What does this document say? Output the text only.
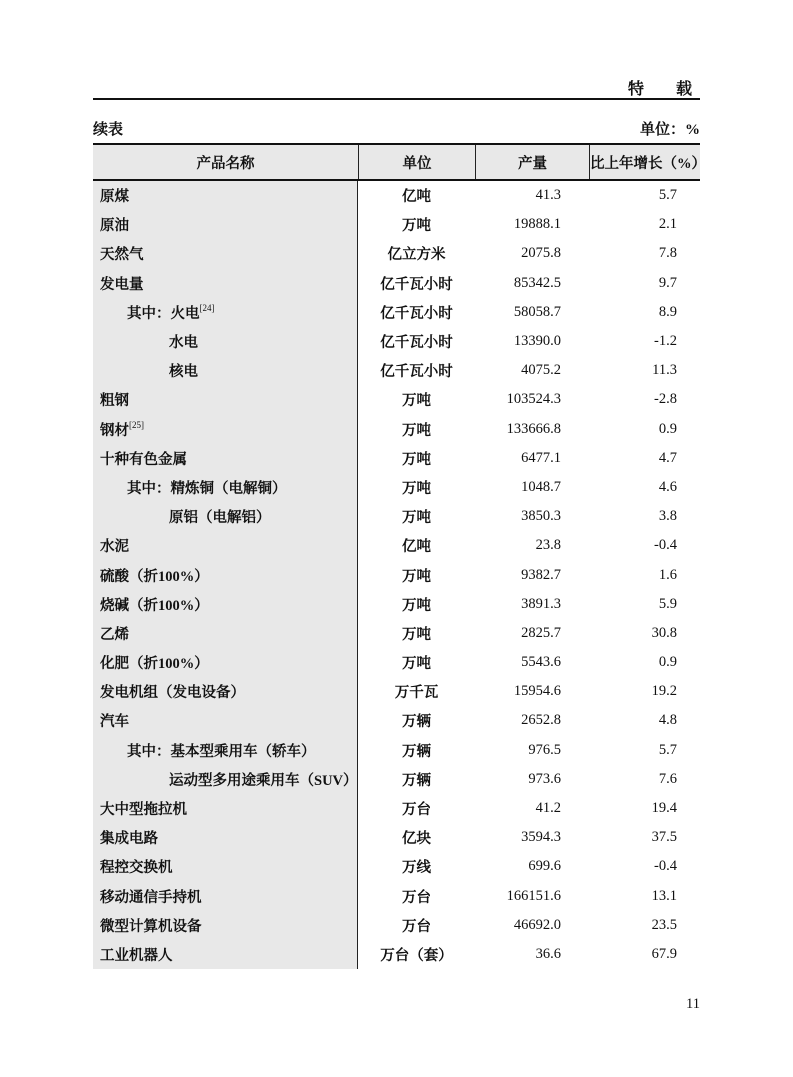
特　载
续表	单位：%
产品名称	单位	产量	比上年增长（%）
原煤	亿吨	41.3	5.7
原油	万吨	19888.1	2.1
天然气	亿立方米	2075.8	7.8
发电量	亿千瓦小时	85342.5	9.7
其中：火电[24]	亿千瓦小时	58058.7	8.9
水电	亿千瓦小时	13390.0	-1.2
核电	亿千瓦小时	4075.2	11.3
粗钢	万吨	103524.3	-2.8
钢材[25]	万吨	133666.8	0.9
十种有色金属	万吨	6477.1	4.7
其中：精炼铜（电解铜）	万吨	1048.7	4.6
原铝（电解铝）	万吨	3850.3	3.8
水泥	亿吨	23.8	-0.4
硫酸（折100%）	万吨	9382.7	1.6
烧碱（折100%）	万吨	3891.3	5.9
乙烯	万吨	2825.7	30.8
化肥（折100%）	万吨	5543.6	0.9
发电机组（发电设备）	万千瓦	15954.6	19.2
汽车	万辆	2652.8	4.8
其中：基本型乘用车（轿车）	万辆	976.5	5.7
运动型多用途乘用车（SUV）	万辆	973.6	7.6
大中型拖拉机	万台	41.2	19.4
集成电路	亿块	3594.3	37.5
程控交换机	万线	699.6	-0.4
移动通信手持机	万台	166151.6	13.1
微型计算机设备	万台	46692.0	23.5
工业机器人	万台（套）	36.6	67.9
11
